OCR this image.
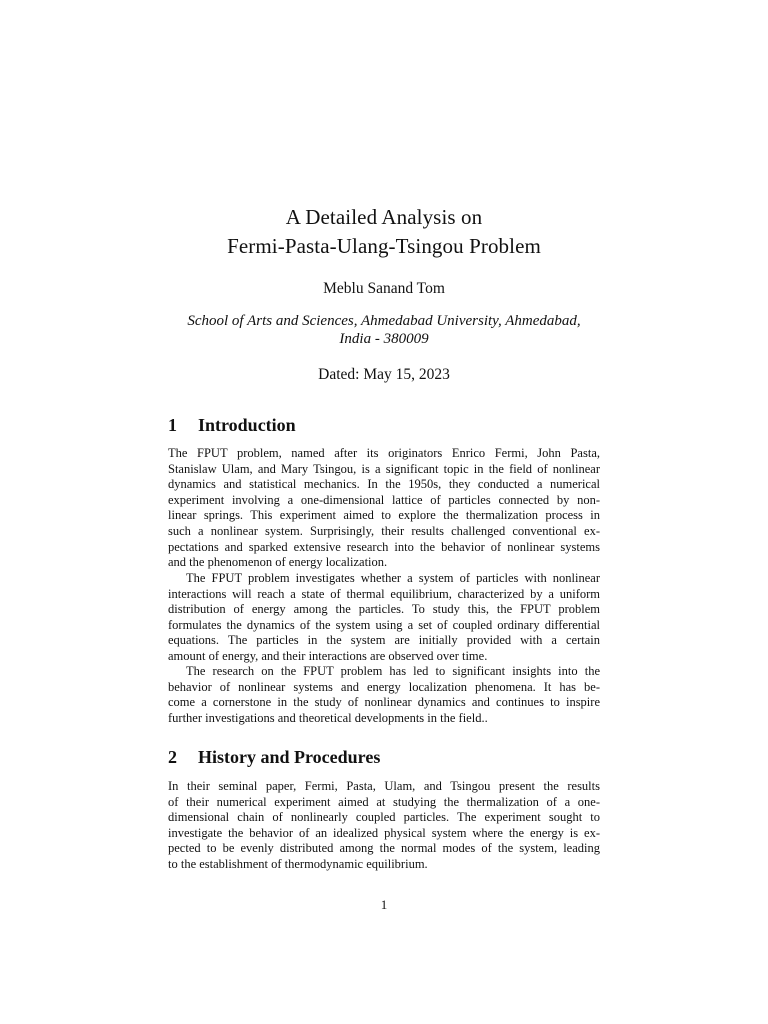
A Detailed Analysis on
Fermi-Pasta-Ulang-Tsingou Problem
Meblu Sanand Tom
School of Arts and Sciences, Ahmedabad University, Ahmedabad,
India - 380009
Dated: May 15, 2023
1 Introduction
The FPUT problem, named after its originators Enrico Fermi, John Pasta,
Stanislaw Ulam, and Mary Tsingou, is a significant topic in the field of nonlinear
dynamics and statistical mechanics. In the 1950s, they conducted a numerical
experiment involving a one-dimensional lattice of particles connected by non-
linear springs. This experiment aimed to explore the thermalization process in
such a nonlinear system. Surprisingly, their results challenged conventional ex-
pectations and sparked extensive research into the behavior of nonlinear systems
and the phenomenon of energy localization.
The FPUT problem investigates whether a system of particles with nonlinear
interactions will reach a state of thermal equilibrium, characterized by a uniform
distribution of energy among the particles. To study this, the FPUT problem
formulates the dynamics of the system using a set of coupled ordinary differential
equations. The particles in the system are initially provided with a certain
amount of energy, and their interactions are observed over time.
The research on the FPUT problem has led to significant insights into the
behavior of nonlinear systems and energy localization phenomena. It has be-
come a cornerstone in the study of nonlinear dynamics and continues to inspire
further investigations and theoretical developments in the field..
2 History and Procedures
In their seminal paper, Fermi, Pasta, Ulam, and Tsingou present the results
of their numerical experiment aimed at studying the thermalization of a one-
dimensional chain of nonlinearly coupled particles. The experiment sought to
investigate the behavior of an idealized physical system where the energy is ex-
pected to be evenly distributed among the normal modes of the system, leading
to the establishment of thermodynamic equilibrium.
1
